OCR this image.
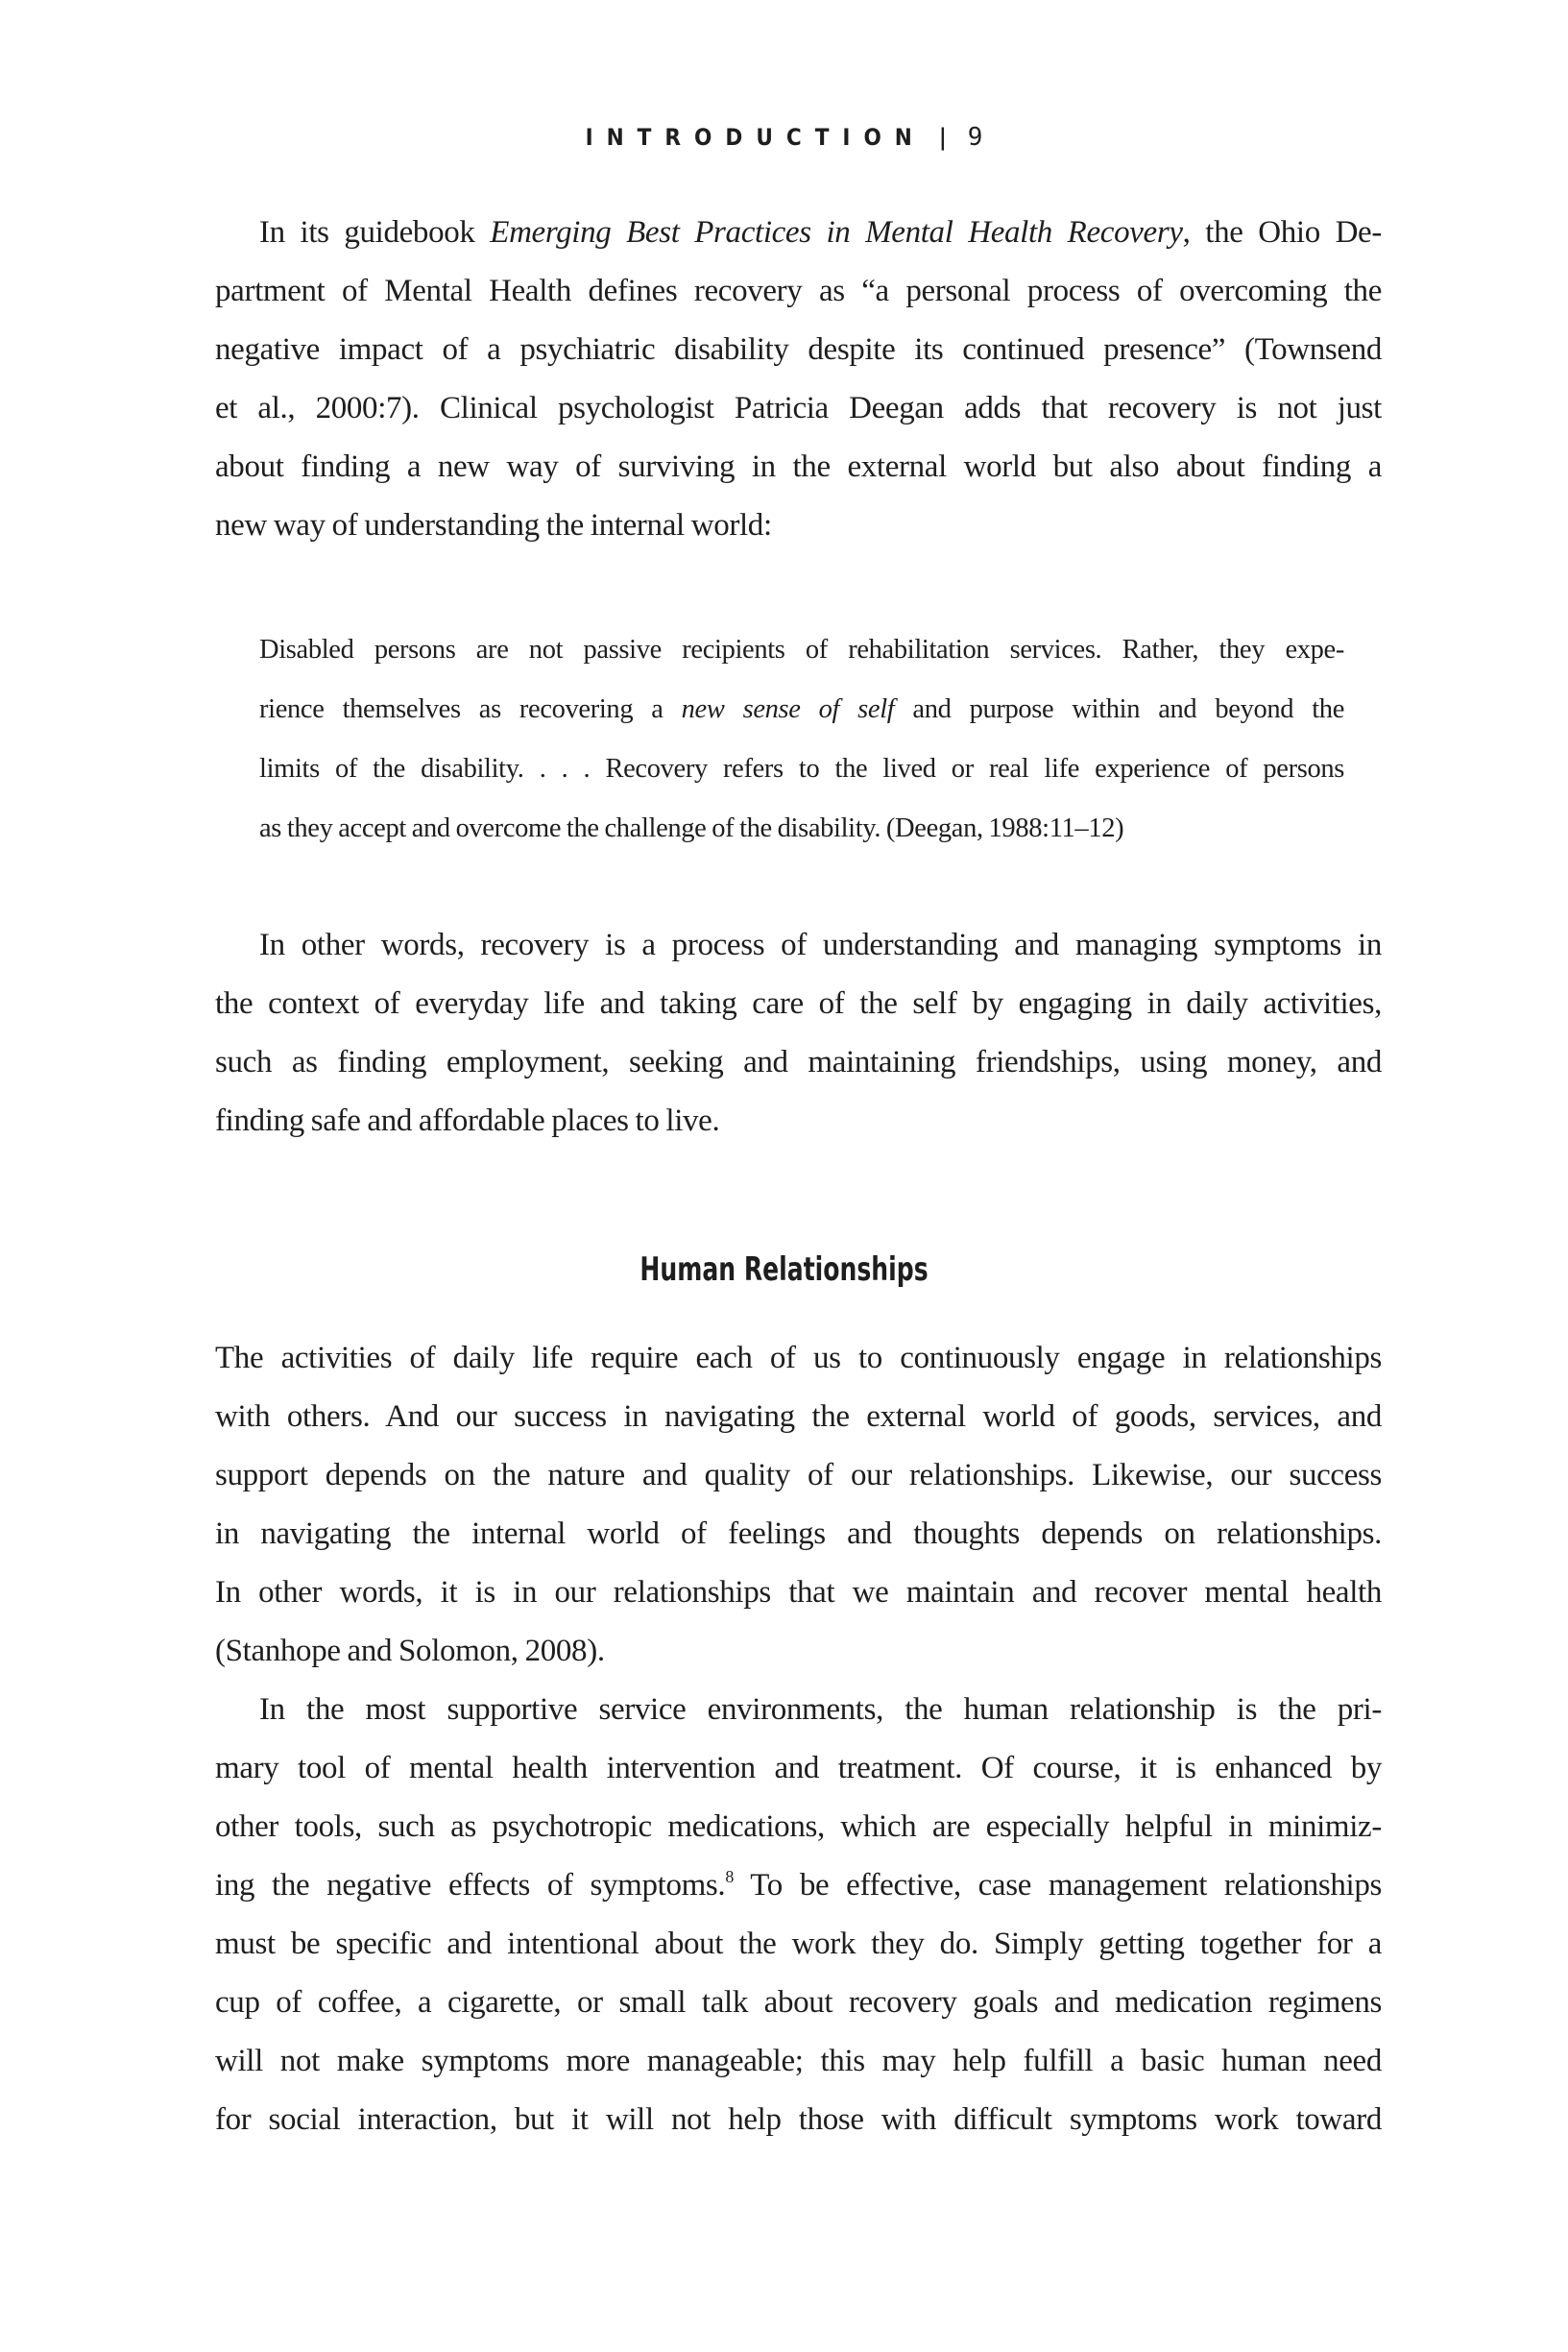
INTRODUCTION | 9
In its guidebook Emerging Best Practices in Mental Health Recovery, the Ohio De-
partment of Mental Health defines recovery as “a personal process of overcoming the
negative impact of a psychiatric disability despite its continued presence” (Townsend
et al., 2000:7). Clinical psychologist Patricia Deegan adds that recovery is not just
about finding a new way of surviving in the external world but also about finding a
new way of understanding the internal world:
Disabled persons are not passive recipients of rehabilitation services. Rather, they expe-
rience themselves as recovering a new sense of self and purpose within and beyond the
limits of the disability. . . . Recovery refers to the lived or real life experience of persons
as they accept and overcome the challenge of the disability. (Deegan, 1988:11–12)
In other words, recovery is a process of understanding and managing symptoms in
the context of everyday life and taking care of the self by engaging in daily activities,
such as finding employment, seeking and maintaining friendships, using money, and
finding safe and affordable places to live.
Human Relationships
The activities of daily life require each of us to continuously engage in relationships
with others. And our success in navigating the external world of goods, services, and
support depends on the nature and quality of our relationships. Likewise, our success
in navigating the internal world of feelings and thoughts depends on relationships.
In other words, it is in our relationships that we maintain and recover mental health
(Stanhope and Solomon, 2008).
In the most supportive service environments, the human relationship is the pri-
mary tool of mental health intervention and treatment. Of course, it is enhanced by
other tools, such as psychotropic medications, which are especially helpful in minimiz-
ing the negative effects of symptoms.$^8$ To be effective, case management relationships
must be specific and intentional about the work they do. Simply getting together for a
cup of coffee, a cigarette, or small talk about recovery goals and medication regimens
will not make symptoms more manageable; this may help fulfill a basic human need
for social interaction, but it will not help those with difficult symptoms work toward
